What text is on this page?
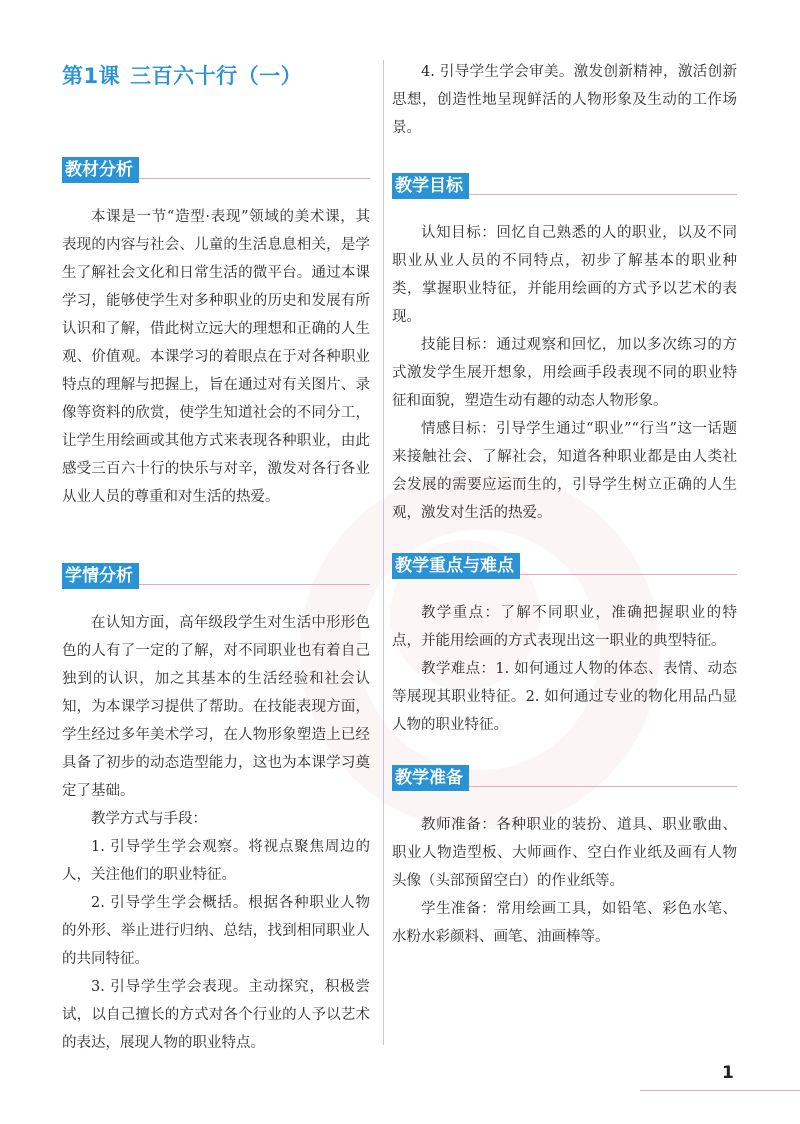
第1课 三百六十行（一）
教材分析

本课是一节“造型·表现”领域的美术课，其表现的内容与社会、儿童的生活息息相关，是学生了解社会文化和日常生活的微平台。通过本课学习，能够使学生对多种职业的历史和发展有所认识和了解，借此树立远大的理想和正确的人生观、价值观。本课学习的着眼点在于对各种职业特点的理解与把握上，旨在通过对有关图片、录像等资料的欣赏，使学生知道社会的不同分工，让学生用绘画或其他方式来表现各种职业，由此感受三百六十行的快乐与对辛，激发对各行各业从业人员的尊重和对生活的热爱。

学情分析

在认知方面，高年级段学生对生活中形形色色的人有了一定的了解，对不同职业也有着自己独到的认识，加之其基本的生活经验和社会认知，为本课学习提供了帮助。在技能表现方面，学生经过多年美术学习，在人物形象塑造上已经具备了初步的动态造型能力，这也为本课学习奠定了基础。

教学方式与手段：

1. 引导学生学会观察。将视点聚焦周边的人，关注他们的职业特征。

2. 引导学生学会概括。根据各种职业人物的外形、举止进行归纳、总结，找到相同职业人的共同特征。

3. 引导学生学会表现。主动探究，积极尝试，以自己擅长的方式对各个行业的人予以艺术的表达，展现人物的职业特点。

4. 引导学生学会审美。激发创新精神，激活创新思想，创造性地呈现鲜活的人物形象及生动的工作场景。

教学目标

认知目标：回忆自己熟悉的人的职业，以及不同职业从业人员的不同特点，初步了解基本的职业种类，掌握职业特征，并能用绘画的方式予以艺术的表现。

技能目标：通过观察和回忆，加以多次练习的方式激发学生展开想象，用绘画手段表现不同的职业特征和面貌，塑造生动有趣的动态人物形象。

情感目标：引导学生通过“职业”“行当”这一话题来接触社会、了解社会，知道各种职业都是由人类社会发展的需要应运而生的，引导学生树立正确的人生观，激发对生活的热爱。

教学重点与难点

教学重点：了解不同职业，准确把握职业的特点，并能用绘画的方式表现出这一职业的典型特征。

教学难点：1. 如何通过人物的体态、表情、动态等展现其职业特征。2. 如何通过专业的物化用品凸显人物的职业特征。

教学准备

教师准备：各种职业的装扮、道具、职业歌曲、职业人物造型板、大师画作、空白作业纸及画有人物头像（头部预留空白）的作业纸等。

学生准备：常用绘画工具，如铅笔、彩色水笔、水粉水彩颜料、画笔、油画棒等。

1
